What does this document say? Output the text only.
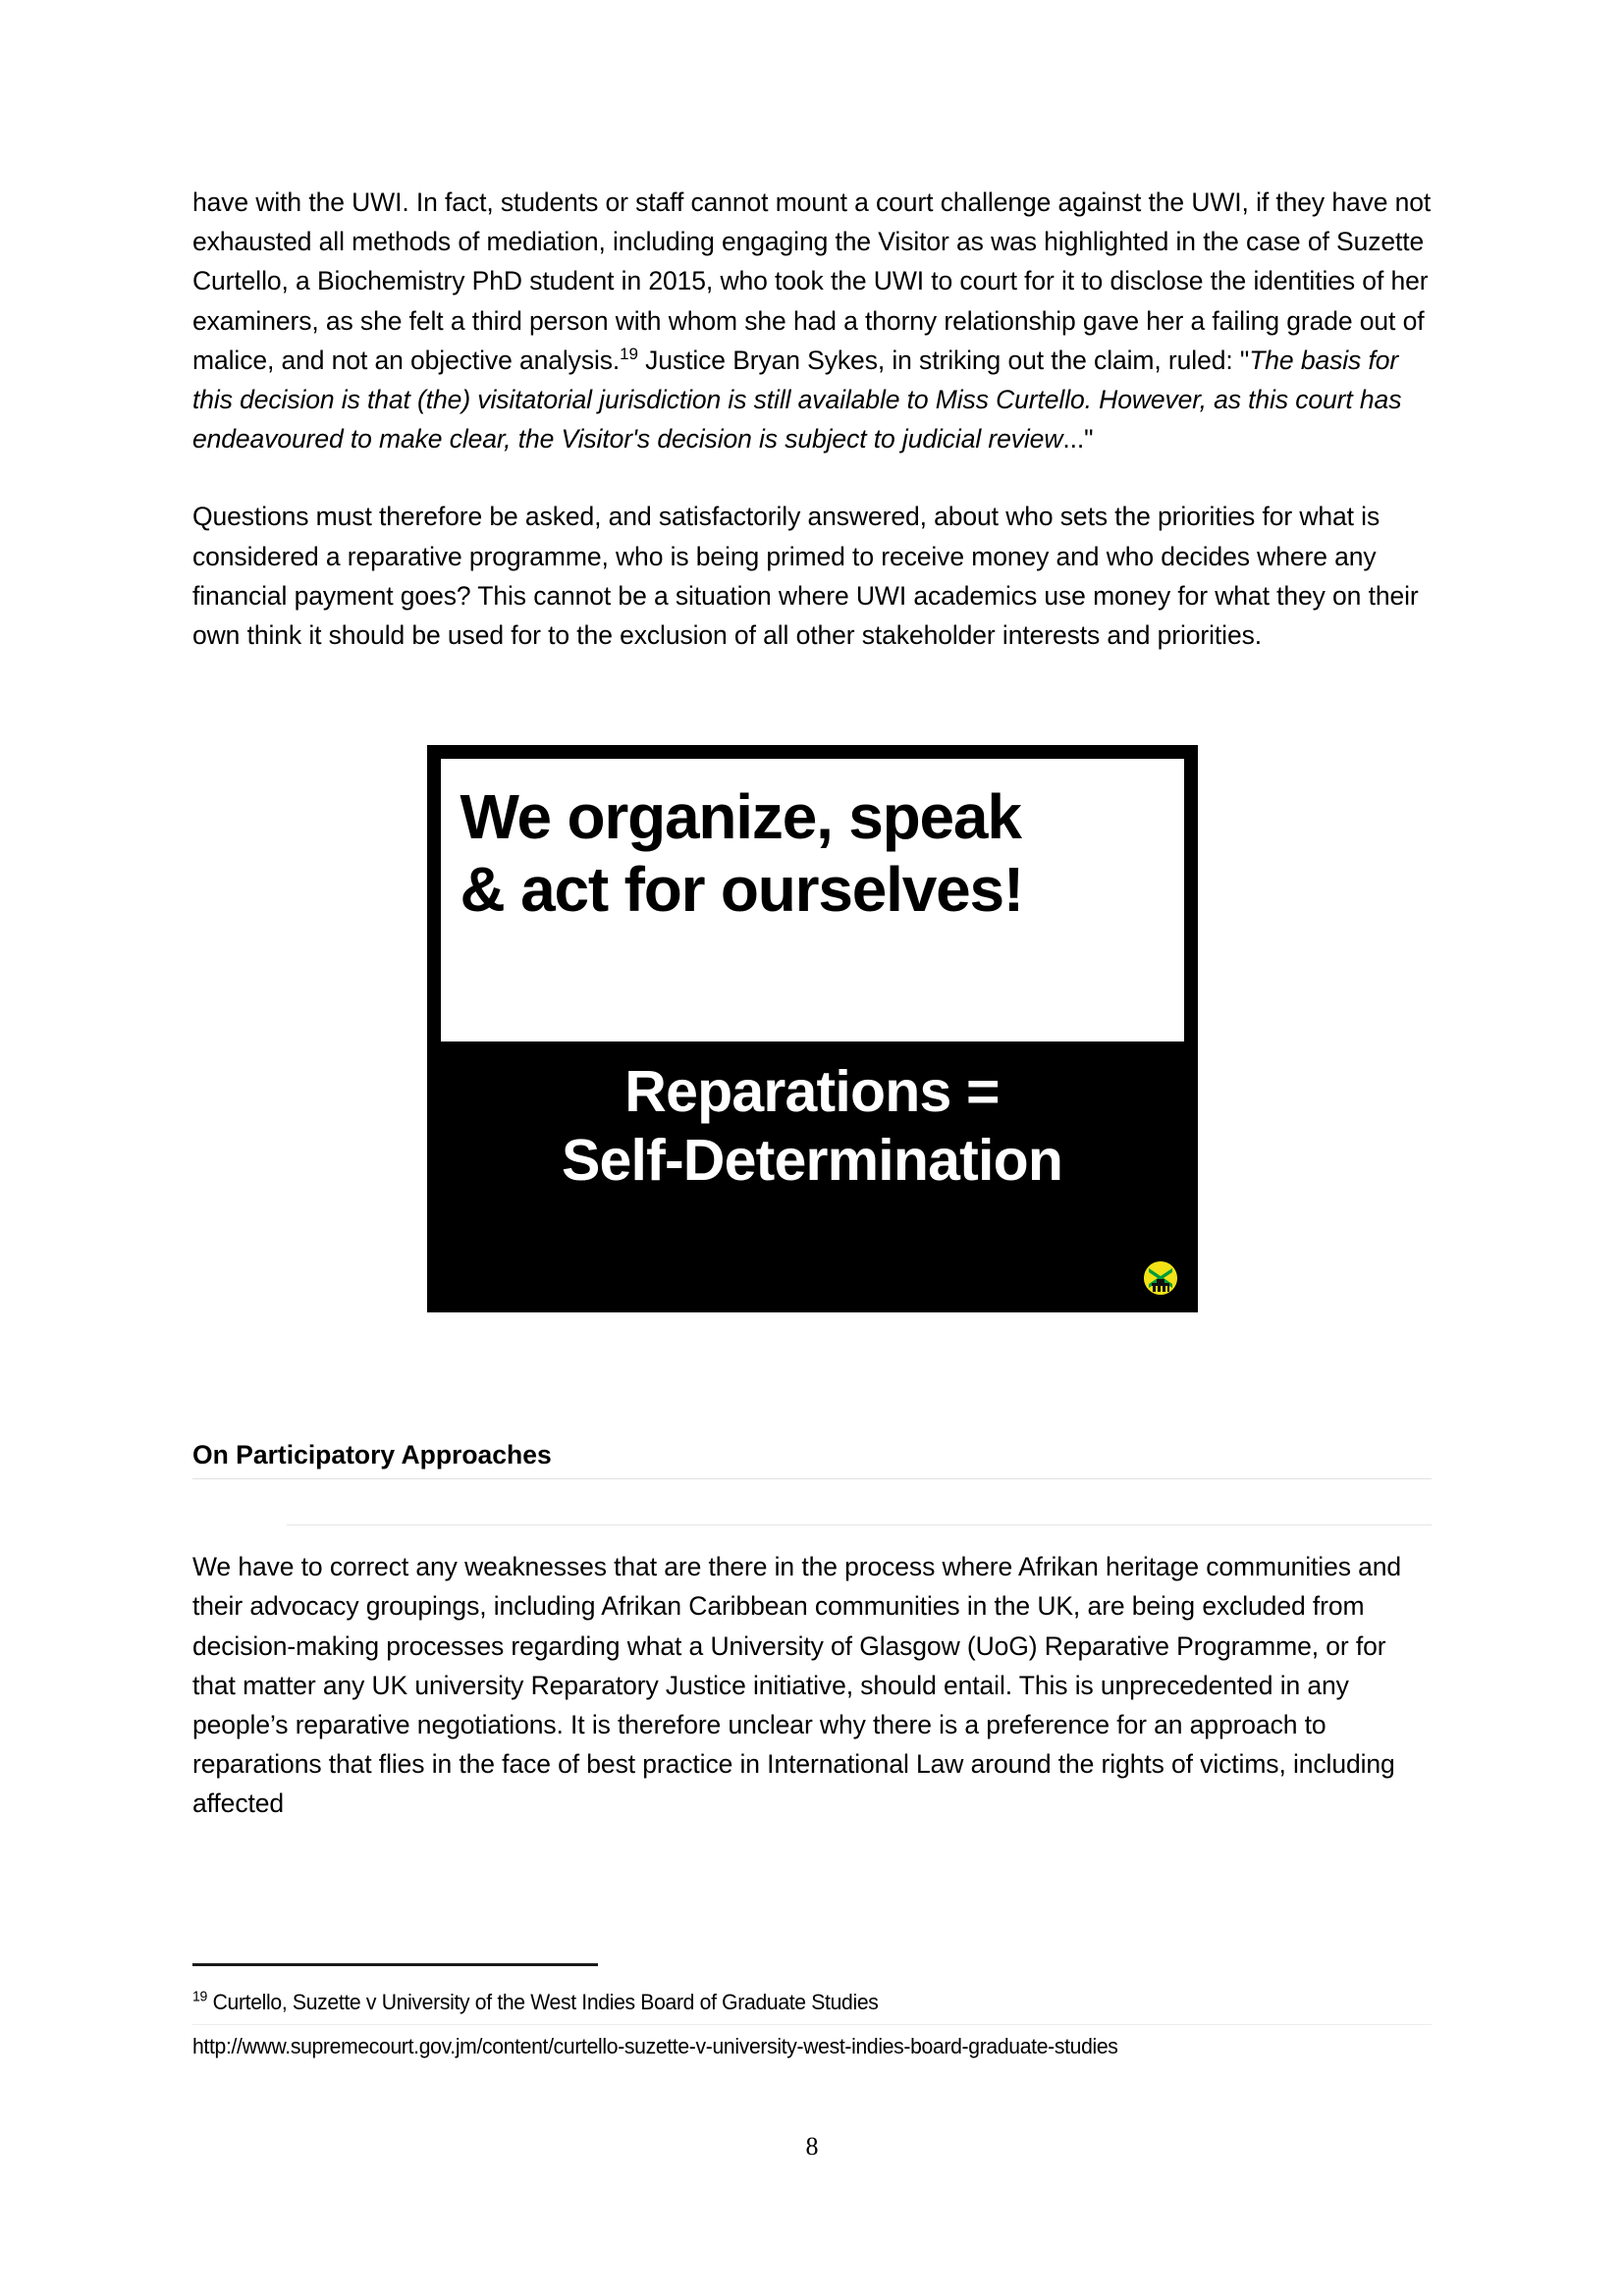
have with the UWI. In fact, students or staff cannot mount a court challenge against the UWI, if they have not exhausted all methods of mediation, including engaging the Visitor as was highlighted in the case of Suzette Curtello, a Biochemistry PhD student in 2015, who took the UWI to court for it to disclose the identities of her examiners, as she felt a third person with whom she had a thorny relationship gave her a failing grade out of malice, and not an objective analysis.$^{19}$ Justice Bryan Sykes, in striking out the claim, ruled: "The basis for this decision is that (the) visitatorial jurisdiction is still available to Miss Curtello. However, as this court has endeavoured to make clear, the Visitor's decision is subject to judicial review..."

Questions must therefore be asked, and satisfactorily answered, about who sets the priorities for what is considered a reparative programme, who is being primed to receive money and who decides where any financial payment goes? This cannot be a situation where UWI academics use money for what they on their own think it should be used for to the exclusion of all other stakeholder interests and priorities.

We organize, speak
& act for ourselves!
Reparations =
Self-Determination
On Participatory Approaches

We have to correct any weaknesses that are there in the process where Afrikan heritage communities and their advocacy groupings, including Afrikan Caribbean communities in the UK, are being excluded from decision-making processes regarding what a University of Glasgow (UoG) Reparative Programme, or for that matter any UK university Reparatory Justice initiative, should entail. This is unprecedented in any people’s reparative negotiations. It is therefore unclear why there is a preference for an approach to reparations that flies in the face of best practice in International Law around the rights of victims, including affected

$^{19}$ Curtello, Suzette v University of the West Indies Board of Graduate Studies

http://www.supremecourt.gov.jm/content/curtello-suzette-v-university-west-indies-board-graduate-studies

8
